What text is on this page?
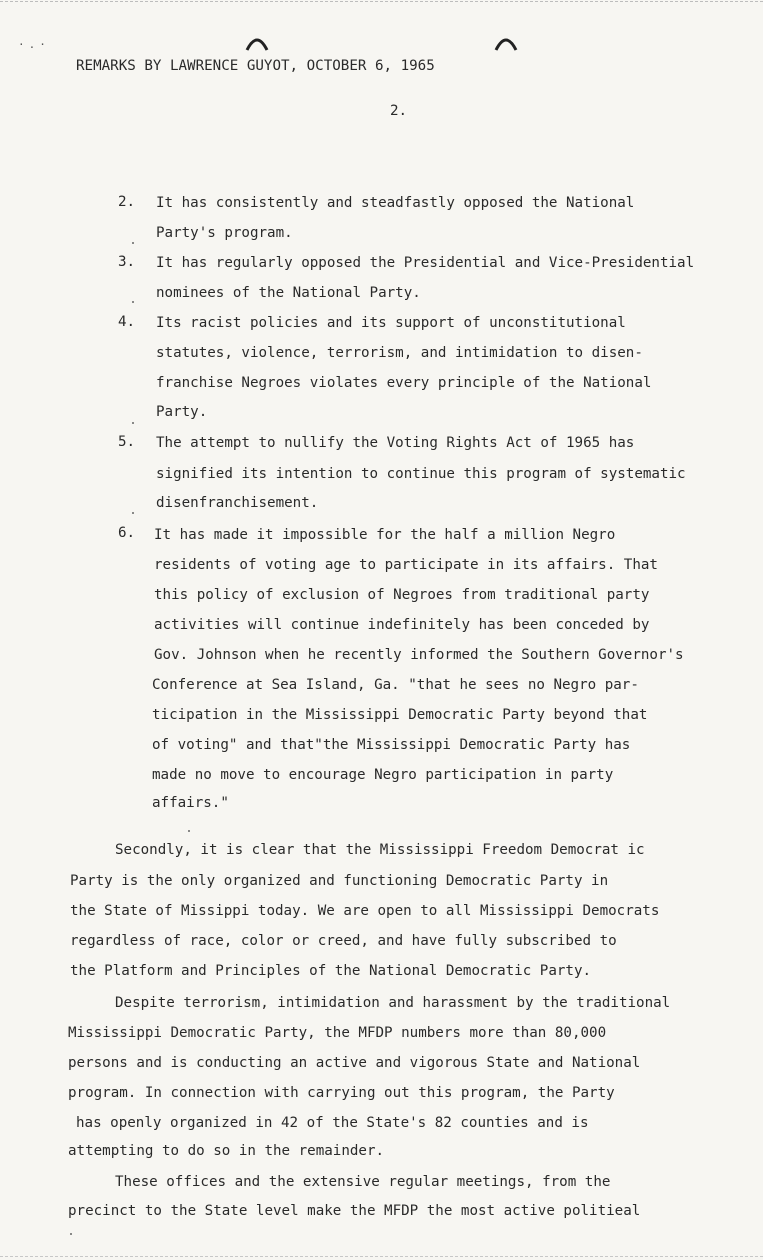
·.·
REMARKS BY LAWRENCE GUYOT, OCTOBER 6, 1965
2.
2. It has consistently and steadfastly opposed the National
Party's program.
3. It has regularly opposed the Presidential and Vice-Presidential
nominees of the National Party.
4. Its racist policies and its support of unconstitutional
statutes, violence, terrorism, and intimidation to disen-
franchise Negroes violates every principle of the National
Party.
5. The attempt to nullify the Voting Rights Act of 1965 has
signified its intention to continue this program of systematic
disenfranchisement.
6. It has made it impossible for the half a million Negro
residents of voting age to participate in its affairs. That
this policy of exclusion of Negroes from traditional party
activities will continue indefinitely has been conceded by
Gov. Johnson when he recently informed the Southern Governor's
Conference at Sea Island, Ga. "that he sees no Negro par-
ticipation in the Mississippi Democratic Party beyond that
of voting" and that"the Mississippi Democratic Party has
made no move to encourage Negro participation in party
affairs."
Secondly, it is clear that the Mississippi Freedom Democrat ic
Party is the only organized and functioning Democratic Party in
the State of Missippi today. We are open to all Mississippi Democrats
regardless of race, color or creed, and have fully subscribed to
the Platform and Principles of the National Democratic Party.
Despite terrorism, intimidation and harassment by the traditional
Mississippi Democratic Party, the MFDP numbers more than 80,000
persons and is conducting an active and vigorous State and National
program. In connection with carrying out this program, the Party
has openly organized in 42 of the State's 82 counties and is
attempting to do so in the remainder.
These offices and the extensive regular meetings, from the
precinct to the State level make the MFDP the most active politieal
